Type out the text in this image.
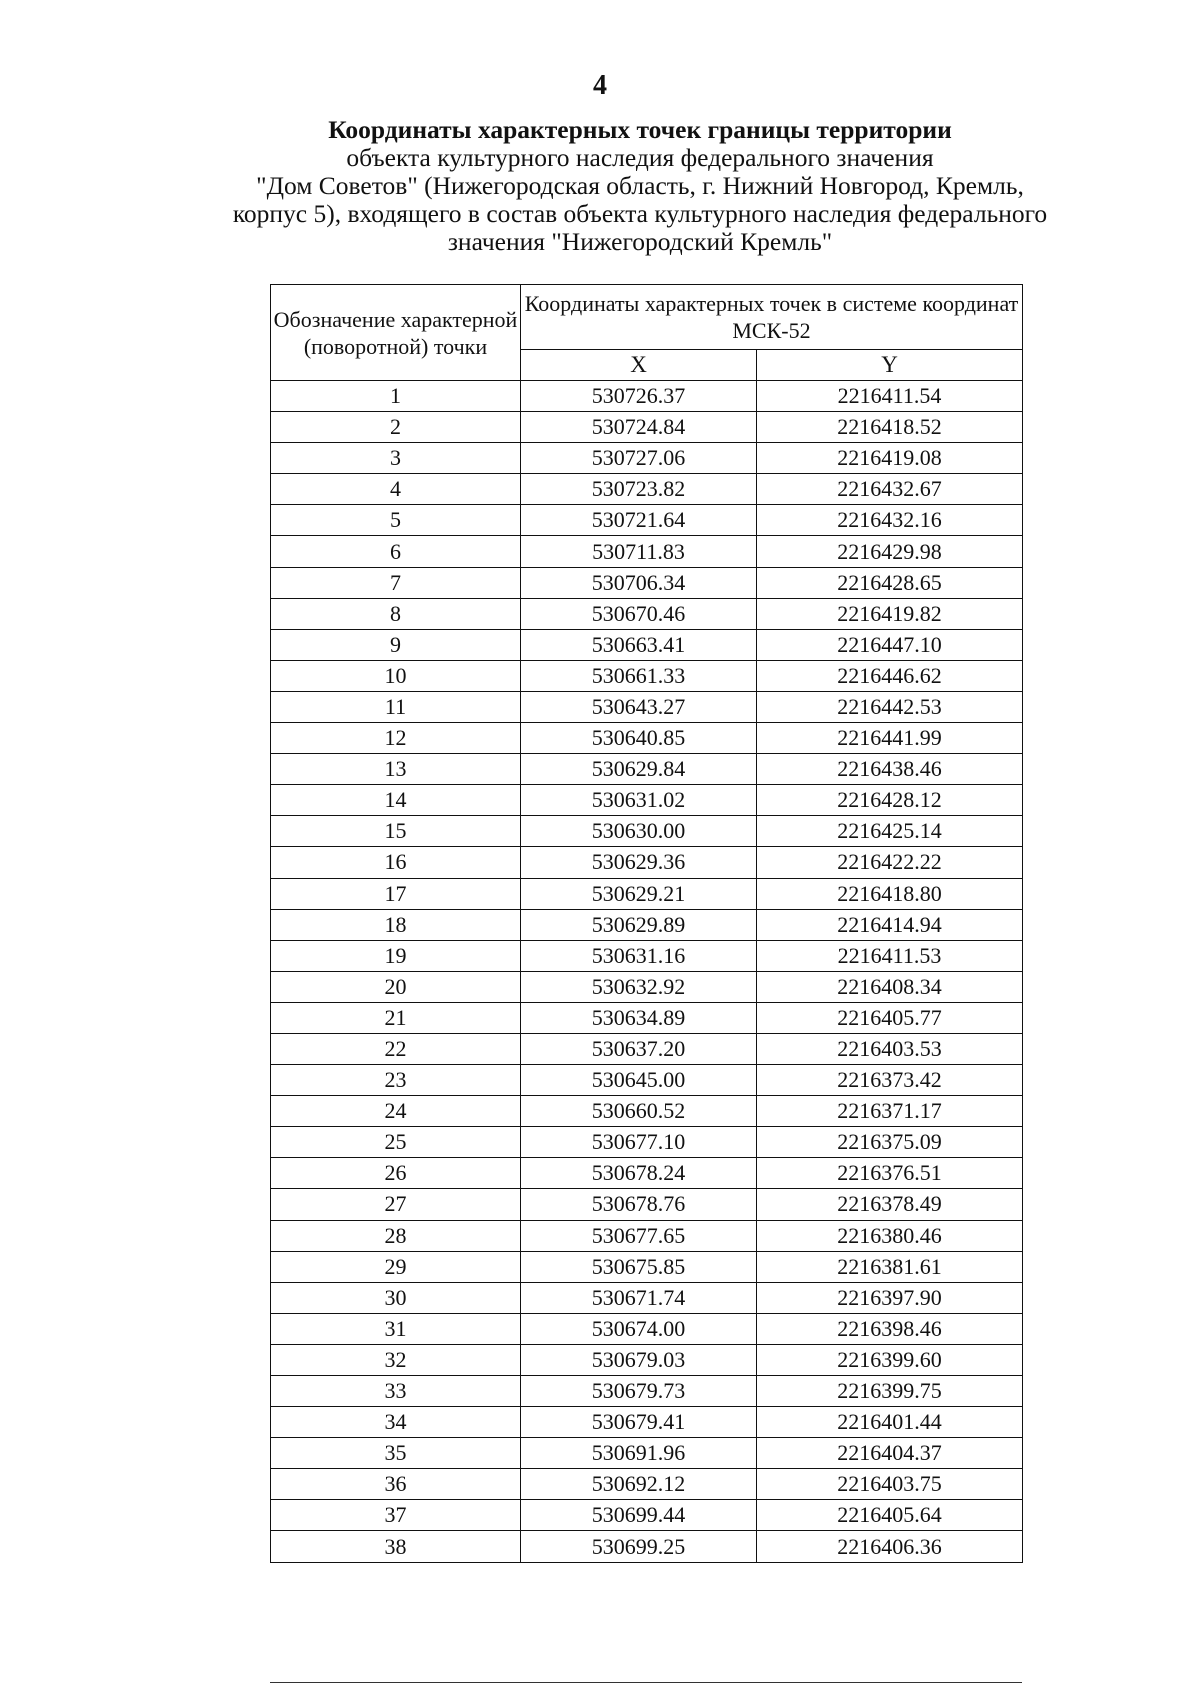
4
Координаты характерных точек границы территории
объекта культурного наследия федерального значения
"Дом Советов" (Нижегородская область, г. Нижний Новгород, Кремль,
корпус 5), входящего в состав объекта культурного наследия федерального
значения "Нижегородский Кремль"
Обозначение характерной (поворотной) точки	Координаты характерных точек в системе координат МСК-52	
	X	Y
1	530726.37	2216411.54
2	530724.84	2216418.52
3	530727.06	2216419.08
4	530723.82	2216432.67
5	530721.64	2216432.16
6	530711.83	2216429.98
7	530706.34	2216428.65
8	530670.46	2216419.82
9	530663.41	2216447.10
10	530661.33	2216446.62
11	530643.27	2216442.53
12	530640.85	2216441.99
13	530629.84	2216438.46
14	530631.02	2216428.12
15	530630.00	2216425.14
16	530629.36	2216422.22
17	530629.21	2216418.80
18	530629.89	2216414.94
19	530631.16	2216411.53
20	530632.92	2216408.34
21	530634.89	2216405.77
22	530637.20	2216403.53
23	530645.00	2216373.42
24	530660.52	2216371.17
25	530677.10	2216375.09
26	530678.24	2216376.51
27	530678.76	2216378.49
28	530677.65	2216380.46
29	530675.85	2216381.61
30	530671.74	2216397.90
31	530674.00	2216398.46
32	530679.03	2216399.60
33	530679.73	2216399.75
34	530679.41	2216401.44
35	530691.96	2216404.37
36	530692.12	2216403.75
37	530699.44	2216405.64
38	530699.25	2216406.36
